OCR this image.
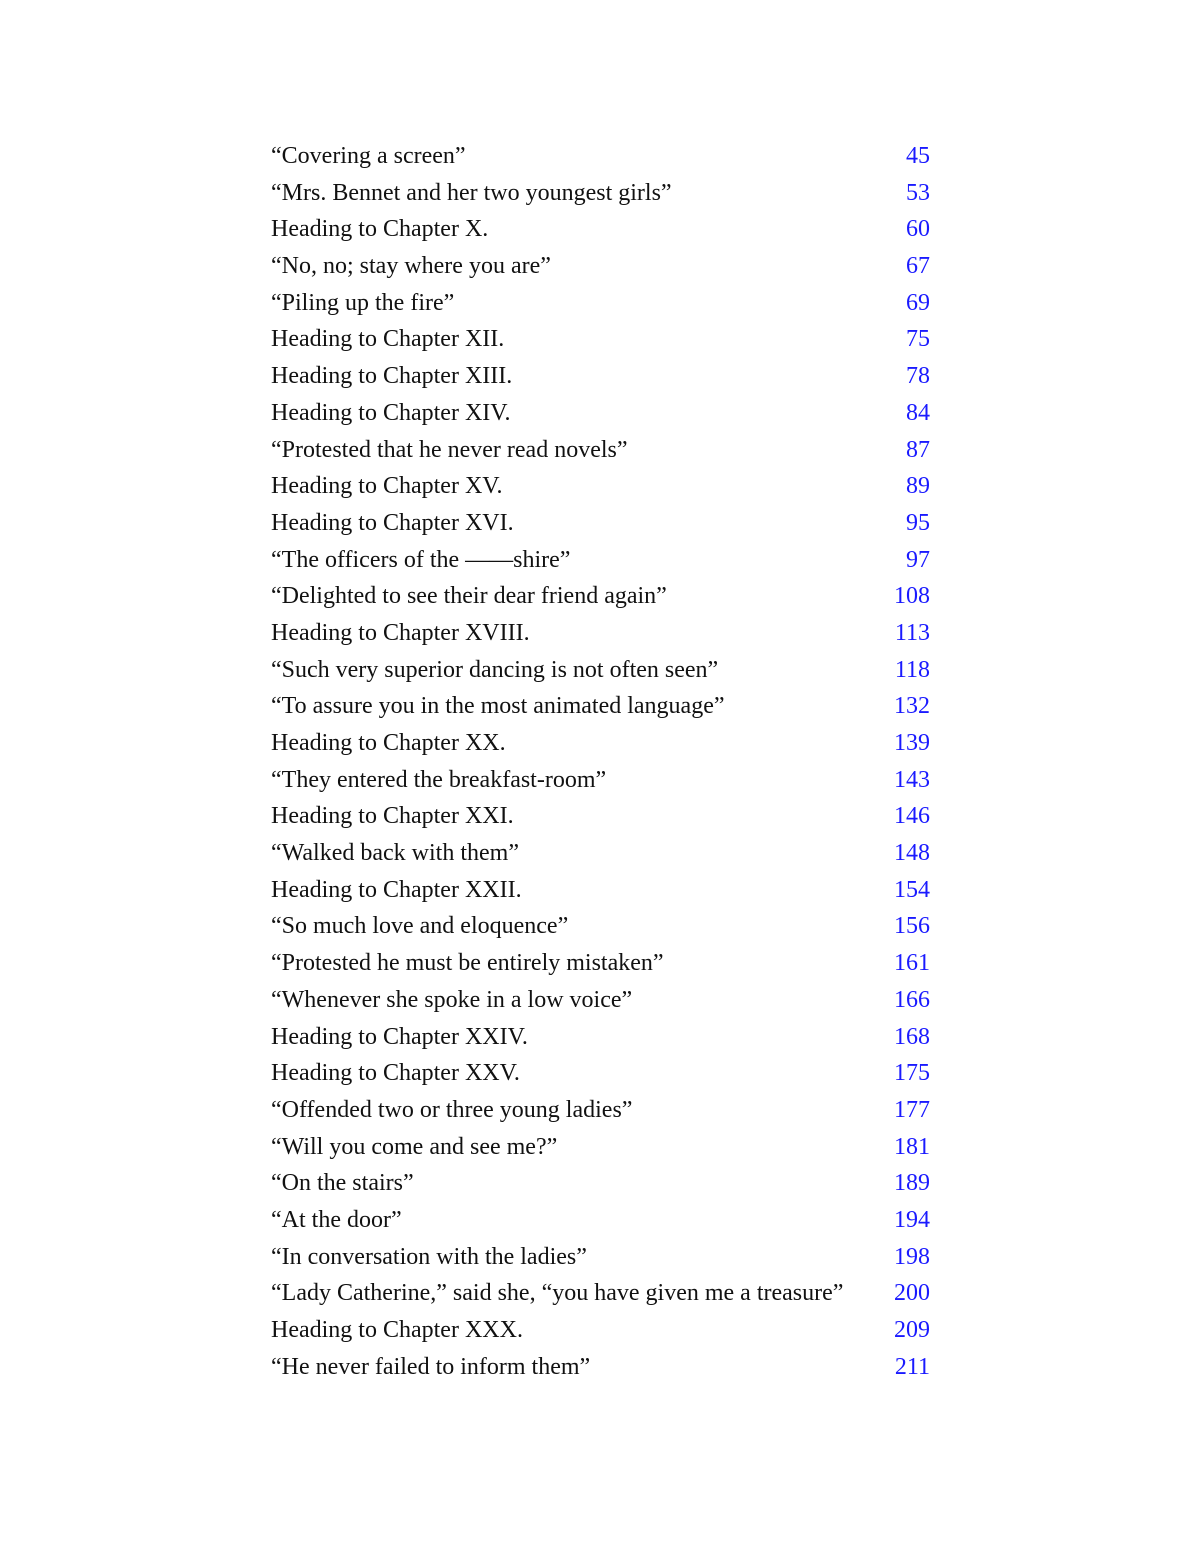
“Covering a screen”	45
“Mrs. Bennet and her two youngest girls”	53
Heading to Chapter X.	60
“No, no; stay where you are”	67
“Piling up the fire”	69
Heading to Chapter XII.	75
Heading to Chapter XIII.	78
Heading to Chapter XIV.	84
“Protested that he never read novels”	87
Heading to Chapter XV.	89
Heading to Chapter XVI.	95
“The officers of the ——shire”	97
“Delighted to see their dear friend again”	108
Heading to Chapter XVIII.	113
“Such very superior dancing is not often seen”	118
“To assure you in the most animated language”	132
Heading to Chapter XX.	139
“They entered the breakfast-room”	143
Heading to Chapter XXI.	146
“Walked back with them”	148
Heading to Chapter XXII.	154
“So much love and eloquence”	156
“Protested he must be entirely mistaken”	161
“Whenever she spoke in a low voice”	166
Heading to Chapter XXIV.	168
Heading to Chapter XXV.	175
“Offended two or three young ladies”	177
“Will you come and see me?”	181
“On the stairs”	189
“At the door”	194
“In conversation with the ladies”	198
“Lady Catherine,” said she, “you have given me a treasure” 200
Heading to Chapter XXX.	209
“He never failed to inform them”	211
